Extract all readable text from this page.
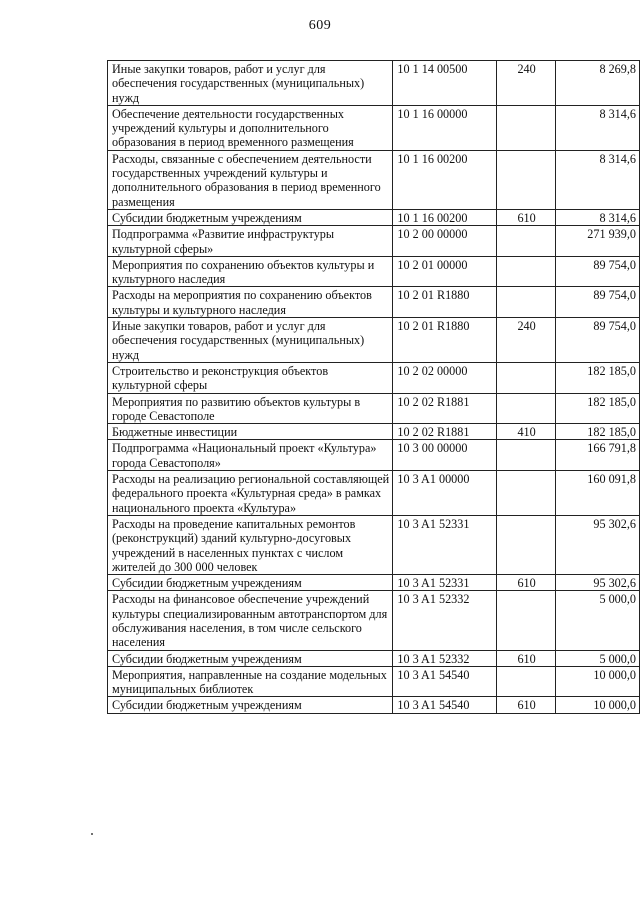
609
Иные закупки товаров, работ и услуг для обеспечения государственных (муниципальных) нужд	10 1 14 00500	240	8 269,8
Обеспечение деятельности государственных учреждений культуры и дополнительного образования в период временного размещения	10 1 16 00000		8 314,6
Расходы, связанные с обеспечением деятельности государственных учреждений культуры и дополнительного образования в период временного размещения	10 1 16 00200		8 314,6
Субсидии бюджетным учреждениям	10 1 16 00200	610	8 314,6
Подпрограмма «Развитие инфраструктуры культурной сферы»	10 2 00 00000		271 939,0
Мероприятия по сохранению объектов культуры и культурного наследия	10 2 01 00000		89 754,0
Расходы на мероприятия по сохранению объектов культуры и культурного наследия	10 2 01 R1880		89 754,0
Иные закупки товаров, работ и услуг для обеспечения государственных (муниципальных) нужд	10 2 01 R1880	240	89 754,0
Строительство и реконструкция объектов культурной сферы	10 2 02 00000		182 185,0
Мероприятия по развитию объектов культуры в городе Севастополе	10 2 02 R1881		182 185,0
Бюджетные инвестиции	10 2 02 R1881	410	182 185,0
Подпрограмма «Национальный проект «Культура» города Севастополя»	10 3 00 00000		166 791,8
Расходы на реализацию региональной составляющей федерального проекта «Культурная среда» в рамках национального проекта «Культура»	10 3 A1 00000		160 091,8
Расходы на проведение капитальных ремонтов (реконструкций) зданий культурно-досуговых учреждений в населенных пунктах с числом жителей до 300 000 человек	10 3 A1 52331		95 302,6
Субсидии бюджетным учреждениям	10 3 A1 52331	610	95 302,6
Расходы на финансовое обеспечение учреждений культуры специализированным автотранспортом для обслуживания населения, в том числе сельского населения	10 3 A1 52332		5 000,0
Субсидии бюджетным учреждениям	10 3 A1 52332	610	5 000,0
Мероприятия, направленные на создание модельных муниципальных библиотек	10 3 A1 54540		10 000,0
Субсидии бюджетным учреждениям	10 3 A1 54540	610	10 000,0
